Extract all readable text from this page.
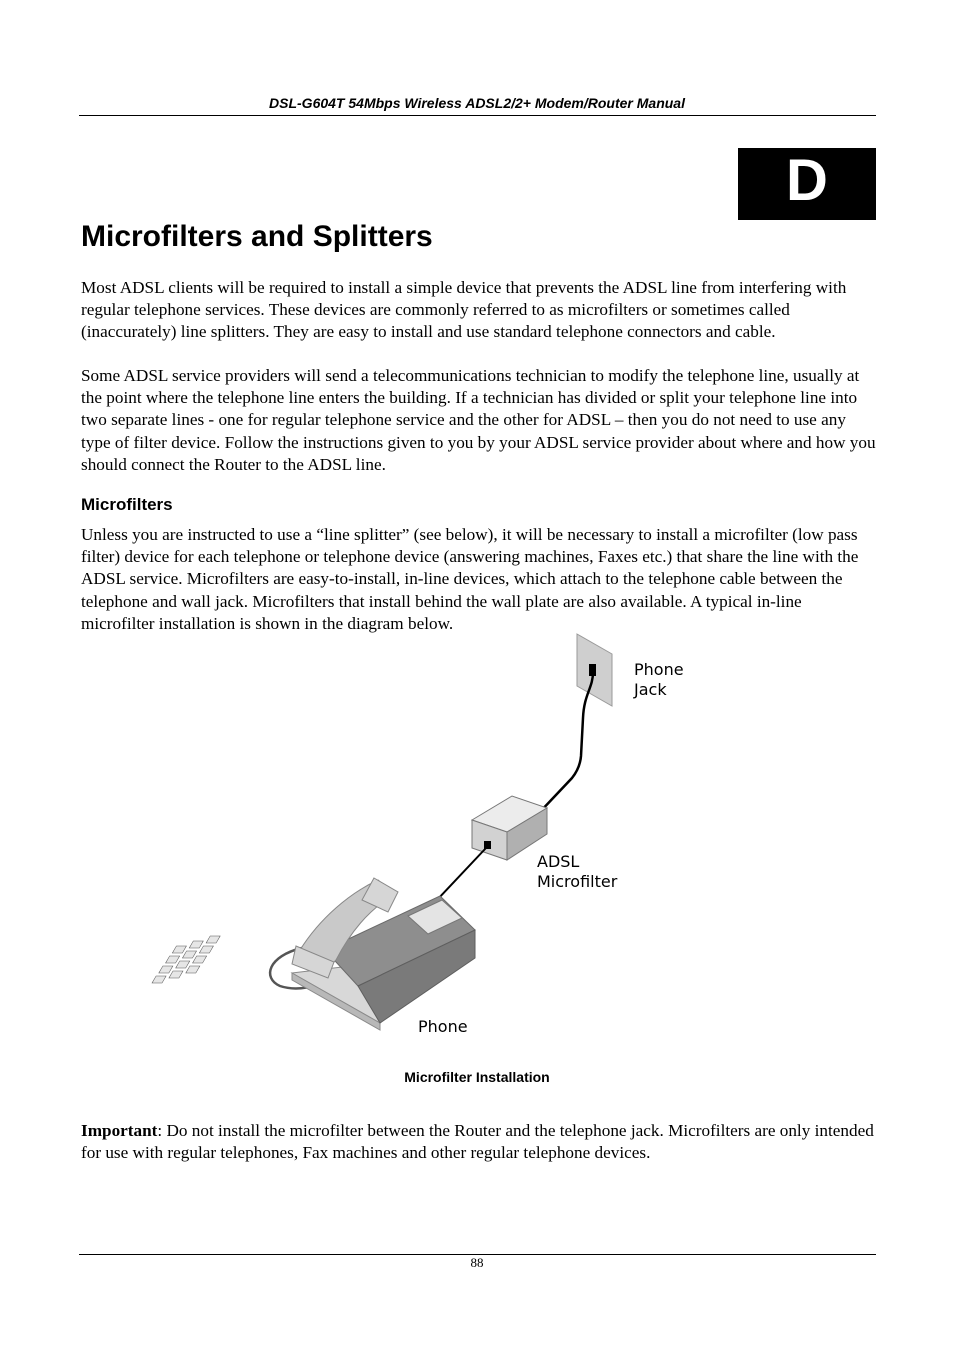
DSL-G604T 54Mbps Wireless ADSL2/2+ Modem/Router Manual
D
Microfilters and Splitters

Most ADSL clients will be required to install a simple device that prevents the ADSL line from interfering with regular telephone services. These devices are commonly referred to as microfilters or sometimes called (inaccurately) line splitters. They are easy to install and use standard telephone connectors and cable.

Some ADSL service providers will send a telecommunications technician to modify the telephone line, usually at the point where the telephone line enters the building. If a technician has divided or split your telephone line into two separate lines - one for regular telephone service and the other for ADSL – then you do not need to use any type of filter device. Follow the instructions given to you by your ADSL service provider about where and how you should connect the Router to the ADSL line.

Microfilters

Unless you are instructed to use a “line splitter” (see below), it will be necessary to install a microfilter (low pass filter) device for each telephone or telephone device (answering machines, Faxes etc.) that share the line with the ADSL service. Microfilters are easy-to-install, in-line devices, which attach to the telephone cable between the telephone and wall jack. Microfilters that install behind the wall plate are also available. A typical in-line microfilter installation is shown in the diagram below.

Phone
Jack
ADSL
Microfilter
Phone
Microfilter Installation

Important: Do not install the microfilter between the Router and the telephone jack. Microfilters are only intended for use with regular telephones, Fax machines and other regular telephone devices.

88
